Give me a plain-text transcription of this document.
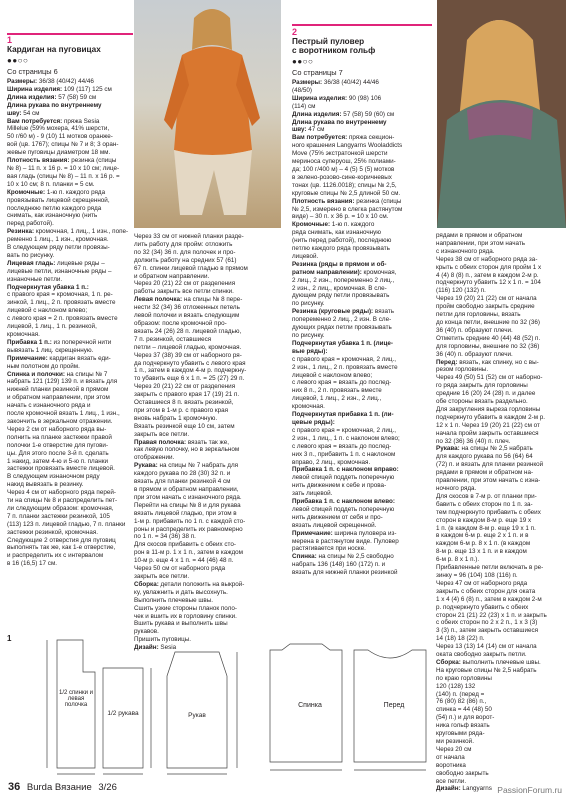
1
Кардиган на пуговицах
●●○○
Со страницы 6

Размеры: 36/38 (40/42) 44/46

Ширина изделия: 109 (117) 125 см

Длина изделия: 57 (58) 59 см

Длина рукава по внутреннему

шву: 54 см

Вам потребуется: пряжа Sesia

Millelue (59% мохера, 41% шерсти,

50 г/60 м) - 9 (10) 11 мотков оранже-

вой (цв. 1767); спицы № 7 и 8; 3 оран-

жевые пуговицы диаметром 18 мм.

Плотность вязания: резинка (спицы

№ 8) – 11 п. х 16 р. = 10 х 10 см; лице-

вая гладь (спицы № 8) – 11 п. х 16 р. =

10 х 10 см; 8 п. планки = 5 см.

Кромочные: 1-ю п. каждого ряда

провязывать лицевой скрещенной,

последнюю петлю каждого ряда

снимать, как изнаночную (нить

перед работой).

Резинка: кромочная, 1 лиц., 1 изн., попе-

ременно 1 лиц., 1 изн., кромочная.

В следующем ряду петли провязы-

вать по рисунку.

Лицевая гладь: лицевые ряды –

лицевые петли, изнаночные ряды –

изнаночные петли.

Подчеркнутая убавка 1 п.:

с правого края = кромочная, 1 п. ре-

зинкой, 1 лиц., 2 п. провязать вместе

лицевой с наклоном влево;

с левого края = 2 п. провязать вместе

лицевой, 1 лиц., 1 п. резинкой,

кромочная.

Прибавка 1 п.: из поперечной нити

вывязать 1 лиц. скрещенную.

Примечание: кардиган вязать еди-

ным полотном до пройм.

Спинка и полочки: на спицы № 7

набрать 121 (129) 139 п. и вязать для

нижней планки резинкой в прямом

и обратном направлении, при этом

начать с изнаночного ряда и

после кромочной вязать 1 лиц., 1 изн.,

закончить в зеркальном отражении.

Через 2 см от наборного ряда вы-

полнить на планке застежки правой

полочки 1-е отверстие для пугови-

цы. Для этого после 3-й п. сделать

1 накид, затем 4-ю и 5-ю п. планки

застежки провязать вместе лицевой.

В следующем изнаночном ряду

накид вывязать в резинку.

Через 4 см от наборного ряда перей-

ти на спицы № 8 и распределить пет-

ли следующим образом: кромочная,

7 п. планки застежки резинкой, 105

(113) 123 п. лицевой гладью, 7 п. планки

застежки резинкой, кромочная.

Следующие 2 отверстия для пуговиц

выполнять так же, как 1-е отверстие,

и распределить их с интервалом

в 16 (16,5) 17 см.

Через 33 см от нижней планки разде-

лить работу для пройм: отложить

по 32 (34) 36 п. для полочек и про-

должить работу на средних 57 (61)

67 п. спинки лицевой гладью в прямом

и обратном направлении.

Через 20 (21) 22 см от разделения

работы закрыть все петли спинки.

Левая полочка: на спицы № 8 пере-

нести 32 (34) 36 отложенных петель

левой полочки и вязать следующим

образом: после кромочной про-

вязать 24 (26) 28 п. лицевой гладью,

7 п. резинкой, оставшиеся

петли – лицевой гладью, кромочная.

Через 37 (38) 39 см от наборного ря-

да подчеркнуто убавить с левого края

1 п., затем в каждом 4-м р. подчеркну-

то убавить еще 6 х 1 п. = 25 (27) 29 п.

Через 20 (21) 22 см от разделения

закрыть с правого края 17 (19) 21 п.

Оставшиеся 8 п. вязать резинкой,

при этом в 1-м р. с правого края

вновь набрать 1 кромочную.

Вязать резинкой еще 10 см, затем

закрыть все петли.

Правая полочка: вязать так же,

как левую полочку, но в зеркальном

отображении.

Рукава: на спицы № 7 набрать для

каждого рукава по 28 (30) 32 п. и

вязать для планки резинкой 4 см

в прямом и обратном направлении,

при этом начать с изнаночного ряда.

Перейти на спицы № 8 и для рукава

вязать лицевой гладью, при этом в

1-м р. прибавить по 1 п. с каждой сто-

роны и распределить их равномерно

по 1 п. = 34 (36) 38 п.

Для скосов прибавить с обеих сто-

рон в 11-м р. 1 х 1 п., затем в каждом

10-м р. еще 4 х 1 п. = 44 (46) 48 п.

Через 50 см от наборного ряда

закрыть все петли.

Сборка: детали положить на выкрой-

ку, увлажнить и дать высохнуть.

Выполнить плечевые швы.

Сшить узкие стороны планок поло-

чек и вшить их в горловину спинки.

Вшить рукава и выполнить швы

рукавов.

Пришить пуговицы.

Дизайн: Sesia

2
Пестрый пуловер
с воротником гольф
●●○○
Со страницы 7

Размеры: 36/38 (40/42) 44/46

(48/50)

Ширина изделия: 90 (98) 106

(114) см

Длина изделия: 57 (58) 59 (60) см

Длина рукава по внутреннему

шву: 47 см

Вам потребуется: пряжа секцион-

ного крашения Langyarns Wooladdicts

Move (75% экстратонкой шерсти

мериноса суперуош, 25% полиами-

да; 100 г/400 м) – 4 (5) 5 (5) мотков

в зелено-розово-сине-коричневых

тонах (цв. 1126.0018); спицы № 2,5,

круговые спицы № 2,5 длиной 50 см.

Плотность вязания: резинка (спицы

№ 2,5, измерено в слегка растянутом

виде) – 30 п. х 36 р. = 10 х 10 см.

Кромочные: 1-ю п. каждого

ряда снимать, как изнаночную

(нить перед работой), последнюю

петлю каждого ряда провязывать

лицевой.

Резинка (ряды в прямом и об-

ратном направлении): кромочная,

2 лиц., 2 изн., попеременно 2 лиц.,

2 изн., 2 лиц., кромочная. В сле-

дующем ряду петли провязывать

по рисунку.

Резинка (круговые ряды): вязать

попеременно 2 лиц., 2 изн. В сле-

дующих рядах петли провязывать

по рисунку.

Подчеркнутая убавка 1 п. (лице-

вые ряды):

с правого края = кромочная, 2 лиц.,

2 изн., 1 лиц., 2 п. провязать вместе

лицевой с наклоном влево;

с левого края = вязать до послед-

них 8 п., 2 п. провязать вместе

лицевой, 1 лиц., 2 изн., 2 лиц.,

кромочная.

Подчеркнутая прибавка 1 п. (ли-

цевые ряды):

с правого края = кромочная, 2 лиц.,

2 изн., 1 лиц., 1 п. с наклоном влево;

с левого края = вязать до послед-

них 3 п., прибавить 1 п. с наклоном

вправо, 2 лиц., кромочная.

Прибавка 1 п. с наклоном вправо:

левой спицей поддеть поперечную

нить движением к себе и прова-

зать лицевой.

Прибавка 1 п. с наклоном влево:

левой спицей поддеть поперечную

нить движением от себя и про-

вязать лицевой скрещенной.

Примечание: ширина пуловера из-

мерена в растянутом виде. Пуловер

растягивается при носке.

Спинка: на спицы № 2,5 свободно

набрать 136 (148) 160 (172) п. и

вязать для нижней планки резинкой

рядами в прямом и обратном

направлении, при этом начать

с изнаночного ряда.

Через 38 см от наборного ряда за-

крыть с обеих сторон для пройм 1 х

4 (4) 8 (8) п., затем в каждом 2-м р.

подчеркнуто убавить 12 х 1 п. = 104

(116) 120 (132) п.

Через 19 (20) 21 (22) см от начала

пройм свободно закрыть средние

петли для горловины, вязать

до конца петли, внешние по 32 (36)

36 (40) п. образуют плечи.

Отметить средние 40 (44) 48 (52) п.

для горловины, внешние по 32 (36)

36 (40) п. образуют плечи.

Перед: вязать, как спинку, но с вы-

резом горловины.

Через 49 (50) 51 (52) см от наборно-

го ряда закрыть для горловины

средние 16 (20) 24 (28) п. и далее

обе стороны вязать раздельно.

Для закругления выреза горловины

подчеркнуто убавить в каждом 2-м р.

12 х 1 п. Через 19 (20) 21 (22) см от

начала пройм закрыть оставшиеся

по 32 (36) 36 (40) п. плеч.

Рукава: на спицы № 2,5 набрать

для каждого рукава по 56 (64) 64

(72) п. и вязать для планки резинкой

рядами в прямом и обратном на-

правлении, при этом начать с изна-

ночного ряда.

Для скосов в 7-м р. от планки при-

бавить с обеих сторон по 1 п. за-

тем подчеркнуто прибавить с обеих

сторон в каждом 8-м р. еще 19 х

1 п. (в каждом 8-м р. еще 19 х 1 п.

в каждом 6-м р. еще 2 х 1 п. и в

каждом 6-м р. 8 х 1 п. (в каждом

8-м р. еще 13 х 1 п. и в каждом

6-м р. 8 х 1 п.).

Прибавленные петли включать в ре-

зинку = 96 (104) 108 (116) п.

Через 47 см от наборного ряда

закрыть с обеих сторон для оката

1 х 4 (4) 6 (8) п., затем в каждом 2-м

р. подчеркнуто убавить с обеих

сторон 21 (21) 22 (23) х 1 п. и закрыть

с обеих сторон по 2 х 2 п., 1 х 3 (3)

3 (3) п., затем закрыть оставшиеся

14 (18) 18 (22) п.

Через 13 (13) 14 (14) см от начала

оката свободно закрыть петли.

Сборка: выполнить плечевые швы.

На круговые спицы № 2,5 набрать

по краю горловины

120 (128) 132

(140) п. (перед =

76 (80) 82 (86) п.,

спинка = 44 (48) 50

(54) п.) и для ворот-

ника гольф вязать

круговыми ряда-

ми резинкой.

Через 20 см

от начала

воротника

свободно закрыть

все петли.

Дизайн: Langyarns

1
1/2 спинки и левая полочка
1/2 рукава	Рукав
Спинка	Перед
36 Burda Вязание 3/26	PassionForum.ru
